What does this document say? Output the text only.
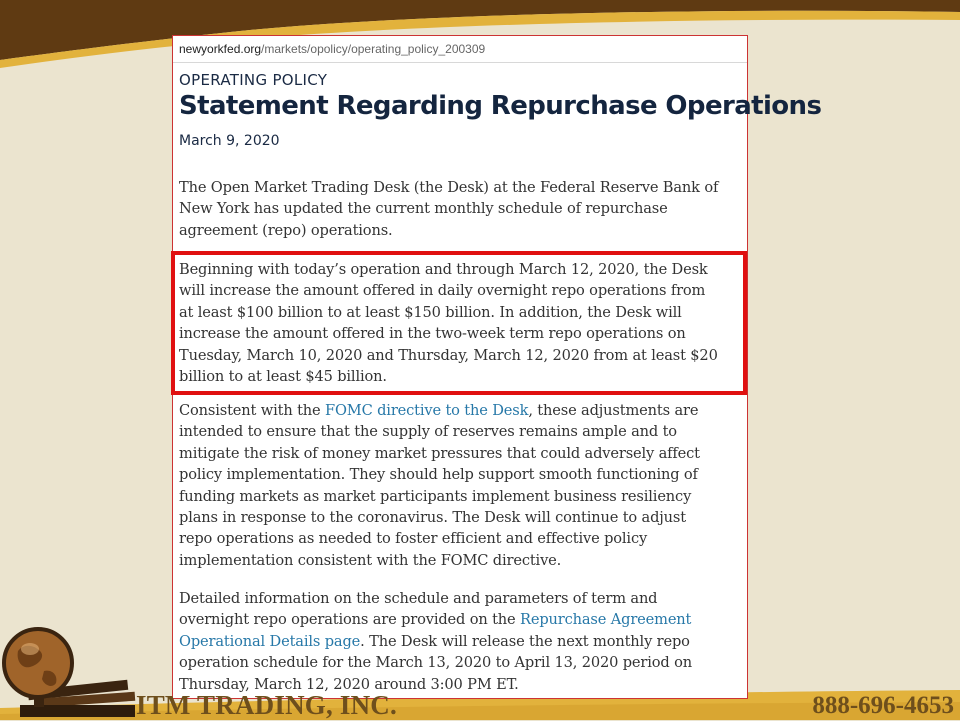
newyorkfed.org/markets/opolicy/operating_policy_200309
OPERATING POLICY
Statement Regarding Repurchase Operations
March 9, 2020
The Open Market Trading Desk (the Desk) at the Federal Reserve Bank of
New York has updated the current monthly schedule of repurchase
agreement (repo) operations.
Beginning with today’s operation and through March 12, 2020, the Desk
will increase the amount offered in daily overnight repo operations from
at least $100 billion to at least $150 billion. In addition, the Desk will
increase the amount offered in the two-week term repo operations on
Tuesday, March 10, 2020 and Thursday, March 12, 2020 from at least $20
billion to at least $45 billion.
Consistent with the FOMC directive to the Desk, these adjustments are
intended to ensure that the supply of reserves remains ample and to
mitigate the risk of money market pressures that could adversely affect
policy implementation. They should help support smooth functioning of
funding markets as market participants implement business resiliency
plans in response to the coronavirus. The Desk will continue to adjust
repo operations as needed to foster efficient and effective policy
implementation consistent with the FOMC directive.
Detailed information on the schedule and parameters of term and
overnight repo operations are provided on the Repurchase Agreement
Operational Details page. The Desk will release the next monthly repo
operation schedule for the March 13, 2020 to April 13, 2020 period on
Thursday, March 12, 2020 around 3:00 PM ET.
ITM TRADING, INC.	888-696-4653
